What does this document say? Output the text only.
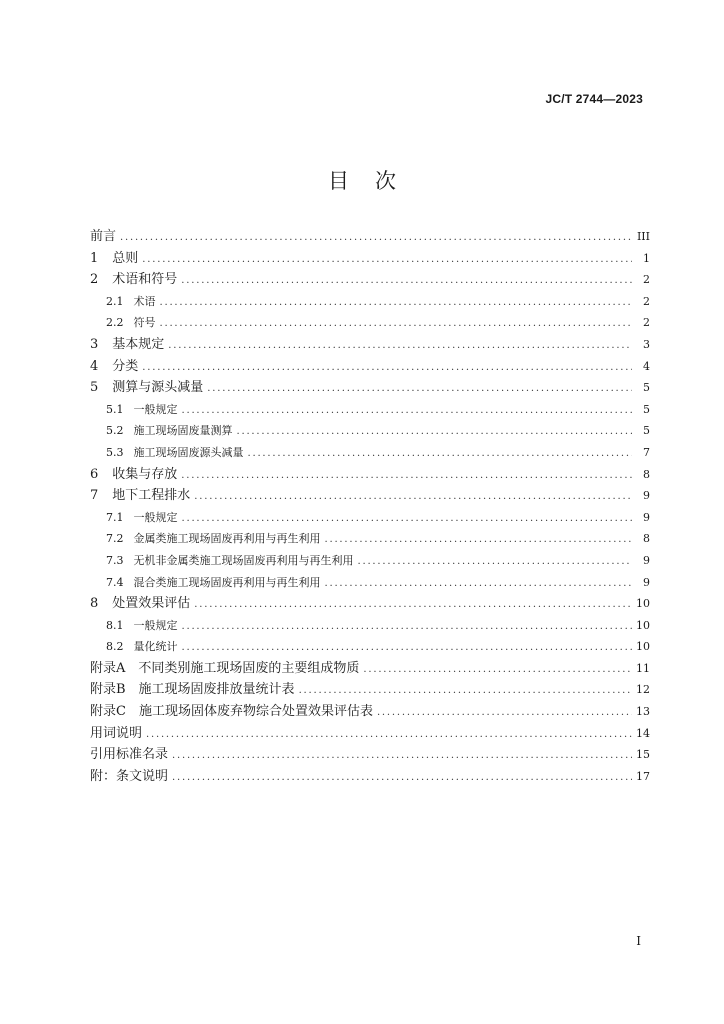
JC/T 2744—2023
目次
前言 .....	III
1 总则 .....	1
2 术语和符号 .....	2
2.1 术语 .....	2
2.2 符号 .....	2
3 基本规定 .....	3
4 分类 .....	4
5 测算与源头减量 .....	5
5.1 一般规定 .....	5
5.2 施工现场固废量测算 .....	5
5.3 施工现场固废源头减量 .....	7
6 收集与存放 .....	8
7 地下工程排水 .....	9
7.1 一般规定 .....	9
7.2 金属类施工现场固废再利用与再生利用 .....	8
7.3 无机非金属类施工现场固废再利用与再生利用 .....	9
7.4 混合类施工现场固废再利用与再生利用 .....	9
8 处置效果评估 .....	10
8.1 一般规定 .....	10
8.2 量化统计 .....	10
附录A　不同类别施工现场固废的主要组成物质 .....	11
附录B　施工现场固废排放量统计表 .....	12
附录C　施工现场固体废弃物综合处置效果评估表 .....	13
用词说明 .....	14
引用标准名录 .....	15
附：条文说明 .....	17
I
